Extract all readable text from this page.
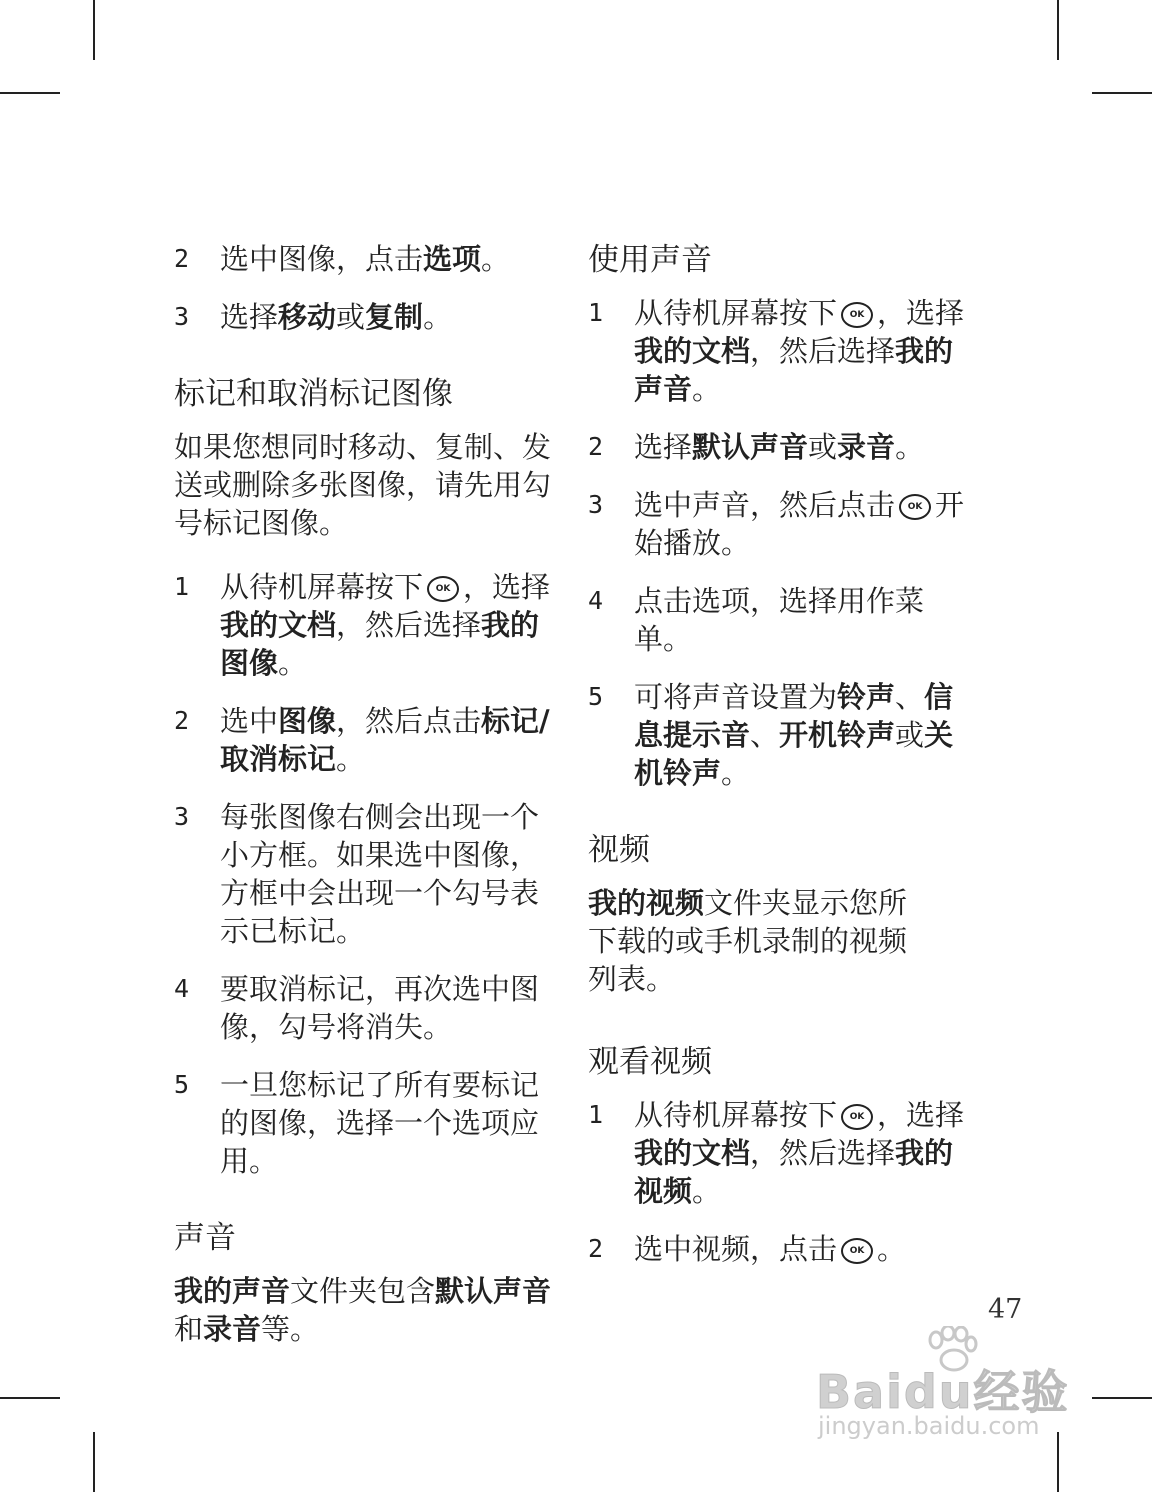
2	选中图像，点击选项。
3	选择移动或复制。
标记和取消标记图像
如果您想同时移动、复制、发送或删除多张图像，请先用勾号标记图像。
1	从待机屏幕按下 OK ，选择我的文档，然后选择我的图像。
2	选中图像，然后点击标记/取消标记。
3	每张图像右侧会出现一个小方框。如果选中图像，方框中会出现一个勾号表示已标记。
4	要取消标记，再次选中图像，勾号将消失。
5	一旦您标记了所有要标记的图像，选择一个选项应用。
声音
我的声音文件夹包含默认声音和录音等。
使用声音
1	从待机屏幕按下 OK ，选择我的文档，然后选择我的声音。
2	选择默认声音或录音。
3	选中声音，然后点击 OK 开始播放。
4	点击选项，选择用作菜单。
5	可将声音设置为铃声、信息提示音、开机铃声或关机铃声。
视频
我的视频文件夹显示您所下载的或手机录制的视频列表。
观看视频
1	从待机屏幕按下 OK ，选择我的文档，然后选择我的视频。
2	选中视频，点击 OK 。
47
Baidu经验
jingyan.baidu.com
